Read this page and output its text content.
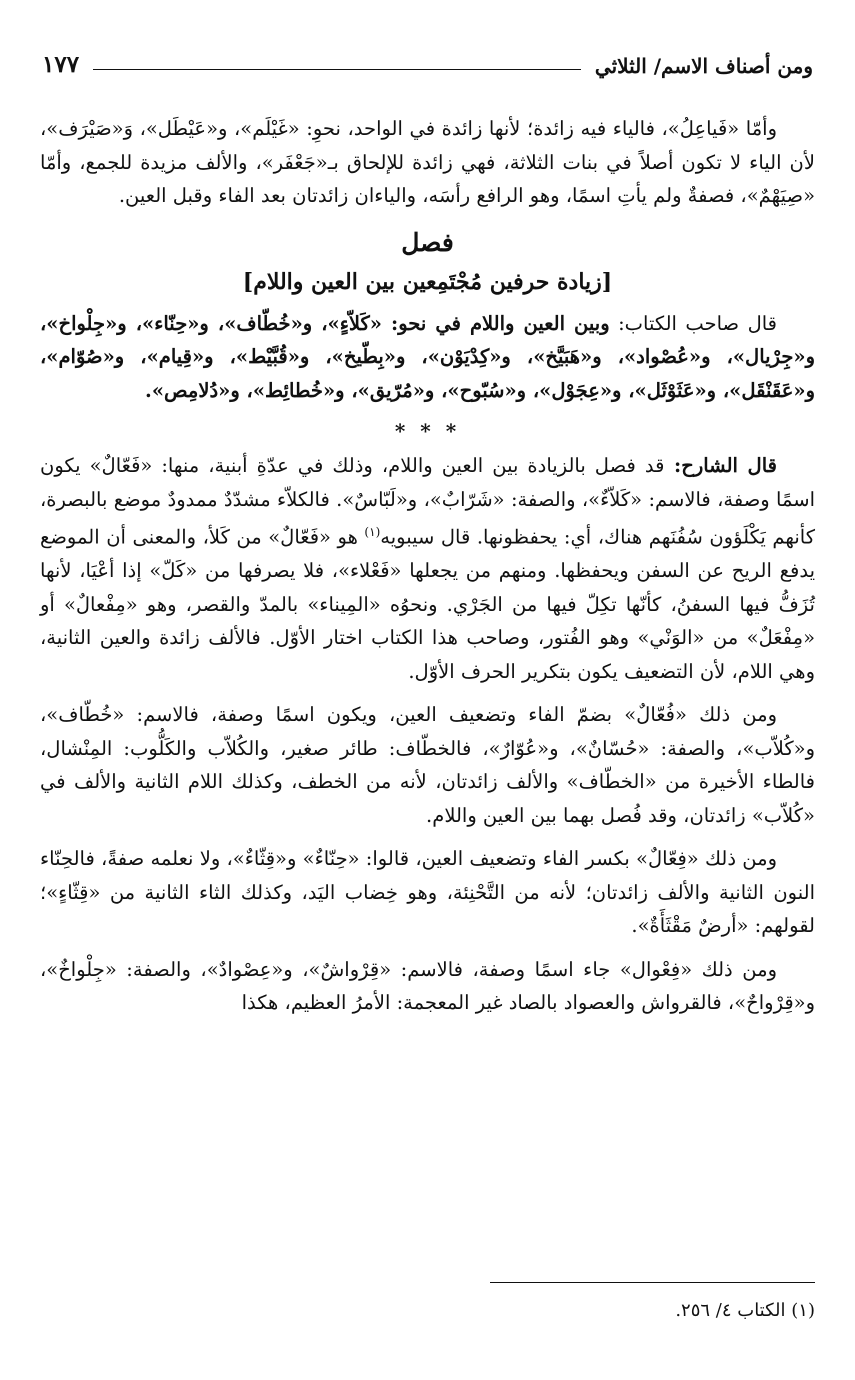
ومن أصناف الاسم/ الثلاثي
١٧٧

وأمّا «فَياعِلُ»، فالياء فيه زائدة؛ لأنها زائدة في الواحد، نحوِ: «غَيْلَم»، و«عَيْطَل»، وَ«صَيْرَف»، لأن الياء لا تكون أصلاً في بنات الثلاثة، فهي زائدة للإلحاق بـ«جَعْفَر»، والألف مزيدة للجمع، وأمّا «صِيَهْمٌ»، فصفةٌ ولم يأتِ اسمًا، وهو الرافع رأسَه، والياءان زائدتان بعد الفاء وقبل العين.

فصل
[زيادة حرفين مُجْتَمِعين بين العين واللام]

قال صاحب الكتاب: وبين العين واللام في نحو: «كَلاّءٍ»، و«خُطّاف»، و«حِنّاء»، و«جِلْواخ»، و«جِرْيال»، و«عُصْواد»، و«هَبَيَّخ»، و«كِدْيَوْن»، و«بِطّيخ»، و«قُبَّيْط»، و«قِيام»، و«صُوّام»، و«عَقَنْقَل»، و«عَثَوْثَل»، و«عِجَوْل»، و«سُبّوح»، و«مُرّيق»، و«خُطائِط»، و«دُلامِص».

* * *

قال الشارح: قد فصل بالزيادة بين العين واللام، وذلك في عدّةِ أبنية، منها: «فَعّالٌ» يكون اسمًا وصفة، فالاسم: «كَلاّءٌ»، والصفة: «شَرّابٌ»، و«لَبّاسٌ». فالكلاّء مشدّدٌ ممدودٌ موضع بالبصرة، كأنهم يَكْلَؤون سُفُنَهم هناك، أي: يحفظونها. قال سيبويه$^{(١)}$ هو «فَعّالٌ» من كَلأ، والمعنى أن الموضع يدفع الريح عن السفن ويحفظها. ومنهم من يجعلها «فَعْلاء»، فلا يصرفها من «كَلّ» إذا أعْيَا، لأنها تُزَفُّ فيها السفنُ، كأنّها تكِلّ فيها من الجَرْي. ونحوُه «المِيناء» بالمدّ والقصر، وهو «مِفْعالٌ» أو «مِفْعَلٌ» من «الوَنْي» وهو الفُتور، وصاحب هذا الكتاب اختار الأوّل. فالألف زائدة والعين الثانية، وهي اللام، لأن التضعيف يكون بتكرير الحرف الأوّل.

ومن ذلك «فُعّالٌ» بضمّ الفاء وتضعيف العين، ويكون اسمًا وصفة، فالاسم: «خُطّاف»، و«كُلاّب»، والصفة: «حُسّانٌ»، و«عُوّارٌ»، فالخطّاف: طائر صغير، والكُلاّب والكَلُّوب: المِنْشال، فالطاء الأخيرة من «الخطّاف» والألف زائدتان، لأنه من الخطف، وكذلك اللام الثانية والألف في «كُلاّب» زائدتان، وقد فُصل بهما بين العين واللام.

ومن ذلك «فِعّالٌ» بكسر الفاء وتضعيف العين، قالوا: «حِنّاءٌ» و«قِثّاءٌ»، ولا نعلمه صفةً، فالحِنّاء النون الثانية والألف زائدتان؛ لأنه من التَّحْنِئة، وهو خِضاب اليَد، وكذلك الثاء الثانية من «قِثّاءٍ»؛ لقولهم: «أرضٌ مَقْثَأَةٌ».

ومن ذلك «فِعْوال» جاء اسمًا وصفة، فالاسم: «قِرْواشٌ»، و«عِصْوادٌ»، والصفة: «جِلْواخٌ»، و«قِرْواحٌ»، فالقرواش والعصواد بالصاد غير المعجمة: الأمرُ العظيم، هكذا

(١) الكتاب ٤/ ٢٥٦.
